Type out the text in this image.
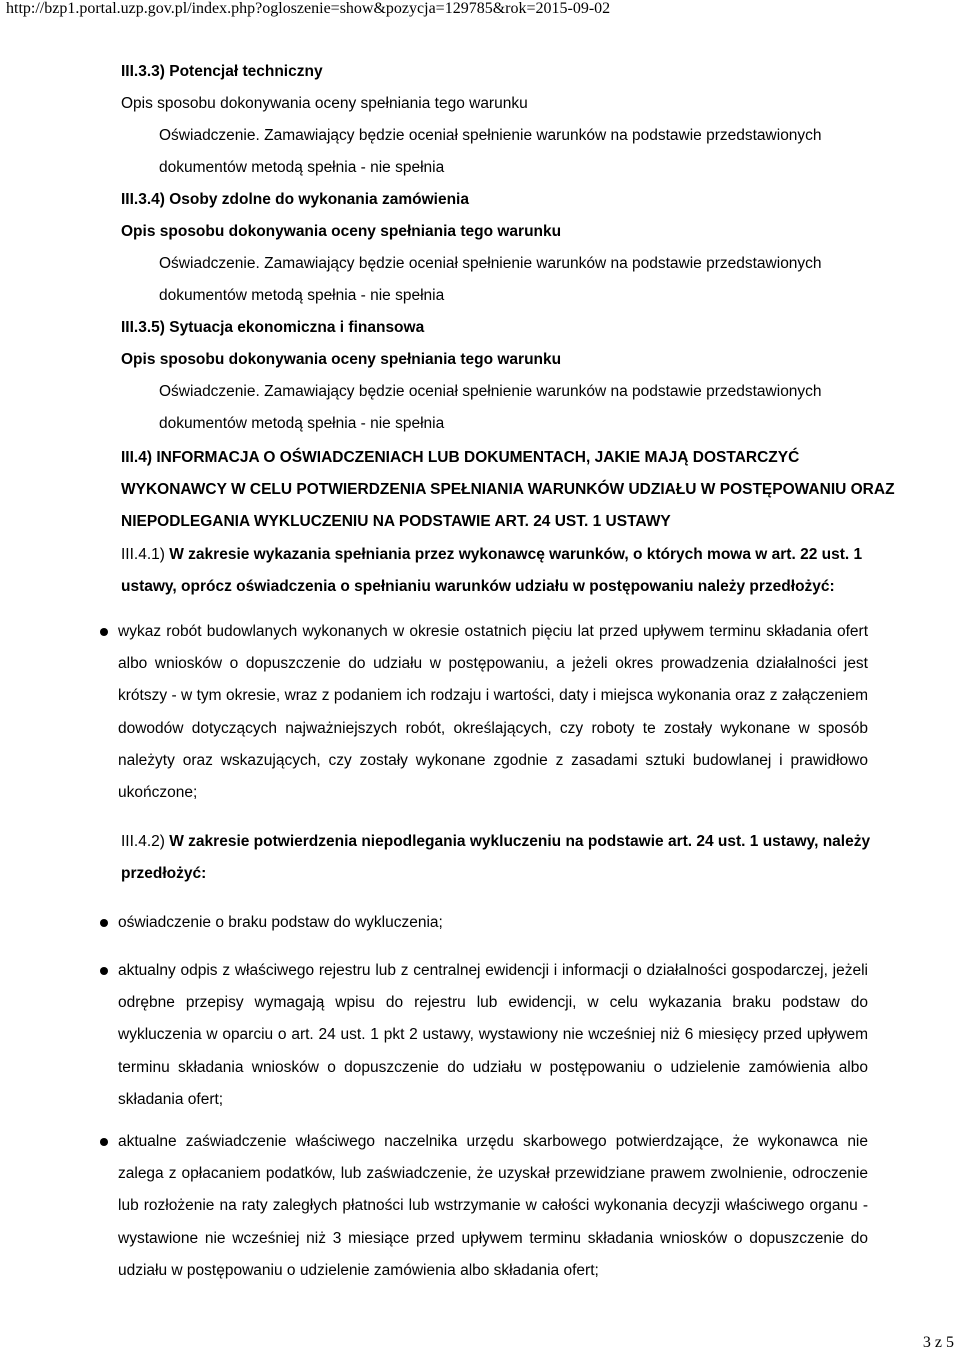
http://bzp1.portal.uzp.gov.pl/index.php?ogloszenie=show&pozycja=129785&rok=2015-09-02
III.3.3) Potencjał techniczny
Opis sposobu dokonywania oceny spełniania tego warunku
Oświadczenie. Zamawiający będzie oceniał spełnienie warunków na podstawie przedstawionych
dokumentów metodą spełnia - nie spełnia
III.3.4) Osoby zdolne do wykonania zamówienia
Opis sposobu dokonywania oceny spełniania tego warunku
Oświadczenie. Zamawiający będzie oceniał spełnienie warunków na podstawie przedstawionych
dokumentów metodą spełnia - nie spełnia
III.3.5) Sytuacja ekonomiczna i finansowa
Opis sposobu dokonywania oceny spełniania tego warunku
Oświadczenie. Zamawiający będzie oceniał spełnienie warunków na podstawie przedstawionych
dokumentów metodą spełnia - nie spełnia
III.4) INFORMACJA O OŚWIADCZENIACH LUB DOKUMENTACH, JAKIE MAJĄ DOSTARCZYĆ
WYKONAWCY W CELU POTWIERDZENIA SPEŁNIANIA WARUNKÓW UDZIAŁU W POSTĘPOWANIU ORAZ
NIEPODLEGANIA WYKLUCZENIU NA PODSTAWIE ART. 24 UST. 1 USTAWY
III.4.1) W zakresie wykazania spełniania przez wykonawcę warunków, o których mowa w art. 22 ust. 1
ustawy, oprócz oświadczenia o spełnianiu warunków udziału w postępowaniu należy przedłożyć:
wykaz robót budowlanych wykonanych w okresie ostatnich pięciu lat przed upływem terminu składania ofert albo wniosków o dopuszczenie do udziału w postępowaniu, a jeżeli okres prowadzenia działalności jest krótszy - w tym okresie, wraz z podaniem ich rodzaju i wartości, daty i miejsca wykonania oraz z załączeniem dowodów dotyczących najważniejszych robót, określających, czy roboty te zostały wykonane w sposób należyty oraz wskazujących, czy zostały wykonane zgodnie z zasadami sztuki budowlanej i prawidłowo ukończone;
III.4.2) W zakresie potwierdzenia niepodlegania wykluczeniu na podstawie art. 24 ust. 1 ustawy, należy
przedłożyć:
oświadczenie o braku podstaw do wykluczenia;
aktualny odpis z właściwego rejestru lub z centralnej ewidencji i informacji o działalności gospodarczej, jeżeli odrębne przepisy wymagają wpisu do rejestru lub ewidencji, w celu wykazania braku podstaw do wykluczenia w oparciu o art. 24 ust. 1 pkt 2 ustawy, wystawiony nie wcześniej niż 6 miesięcy przed upływem terminu składania wniosków o dopuszczenie do udziału w postępowaniu o udzielenie zamówienia albo składania ofert;
aktualne zaświadczenie właściwego naczelnika urzędu skarbowego potwierdzające, że wykonawca nie zalega z opłacaniem podatków, lub zaświadczenie, że uzyskał przewidziane prawem zwolnienie, odroczenie lub rozłożenie na raty zaległych płatności lub wstrzymanie w całości wykonania decyzji właściwego organu - wystawione nie wcześniej niż 3 miesiące przed upływem terminu składania wniosków o dopuszczenie do udziału w postępowaniu o udzielenie zamówienia albo składania ofert;
3 z 5
